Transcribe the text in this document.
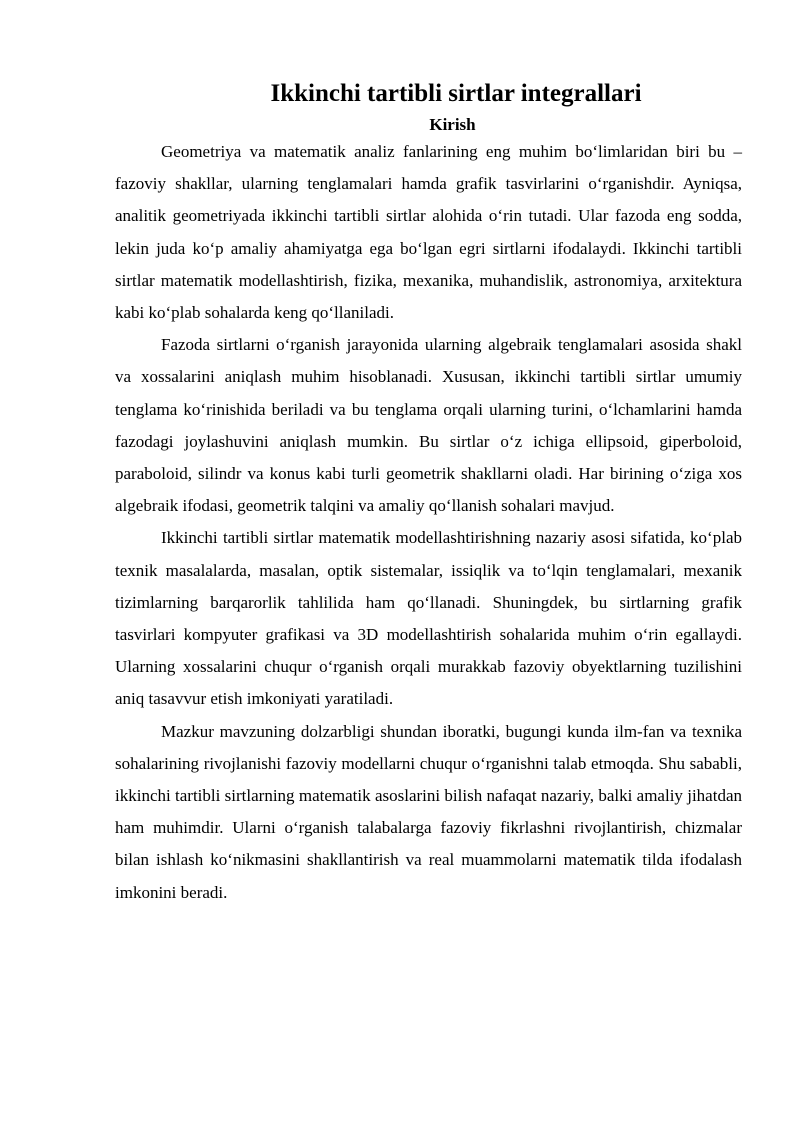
Ikkinchi tartibli sirtlar integrallari
Kirish

Geometriya va matematik analiz fanlarining eng muhim bo‘limlaridan biri bu – fazoviy shakllar, ularning tenglamalari hamda grafik tasvirlarini o‘rganishdir. Ayniqsa, analitik geometriyada ikkinchi tartibli sirtlar alohida o‘rin tutadi. Ular fazoda eng sodda, lekin juda ko‘p amaliy ahamiyatga ega bo‘lgan egri sirtlarni ifodalaydi. Ikkinchi tartibli sirtlar matematik modellashtirish, fizika, mexanika, muhandislik, astronomiya, arxitektura kabi ko‘plab sohalarda keng qo‘llaniladi.

Fazoda sirtlarni o‘rganish jarayonida ularning algebraik tenglamalari asosida shakl va xossalarini aniqlash muhim hisoblanadi. Xususan, ikkinchi tartibli sirtlar umumiy tenglama ko‘rinishida beriladi va bu tenglama orqali ularning turini, o‘lchamlarini hamda fazodagi joylashuvini aniqlash mumkin. Bu sirtlar o‘z ichiga ellipsoid, giperboloid, paraboloid, silindr va konus kabi turli geometrik shakllarni oladi. Har birining o‘ziga xos algebraik ifodasi, geometrik talqini va amaliy qo‘llanish sohalari mavjud.

Ikkinchi tartibli sirtlar matematik modellashtirishning nazariy asosi sifatida, ko‘plab texnik masalalarda, masalan, optik sistemalar, issiqlik va to‘lqin tenglamalari, mexanik tizimlarning barqarorlik tahlilida ham qo‘llanadi. Shuningdek, bu sirtlarning grafik tasvirlari kompyuter grafikasi va 3D modellashtirish sohalarida muhim o‘rin egallaydi. Ularning xossalarini chuqur o‘rganish orqali murakkab fazoviy obyektlarning tuzilishini aniq tasavvur etish imkoniyati yaratiladi.

Mazkur mavzuning dolzarbligi shundan iboratki, bugungi kunda ilm-fan va texnika sohalarining rivojlanishi fazoviy modellarni chuqur o‘rganishni talab etmoqda. Shu sababli, ikkinchi tartibli sirtlarning matematik asoslarini bilish nafaqat nazariy, balki amaliy jihatdan ham muhimdir. Ularni o‘rganish talabalarga fazoviy fikrlashni rivojlantirish, chizmalar bilan ishlash ko‘nikmasini shakllantirish va real muammolarni matematik tilda ifodalash imkonini beradi.
